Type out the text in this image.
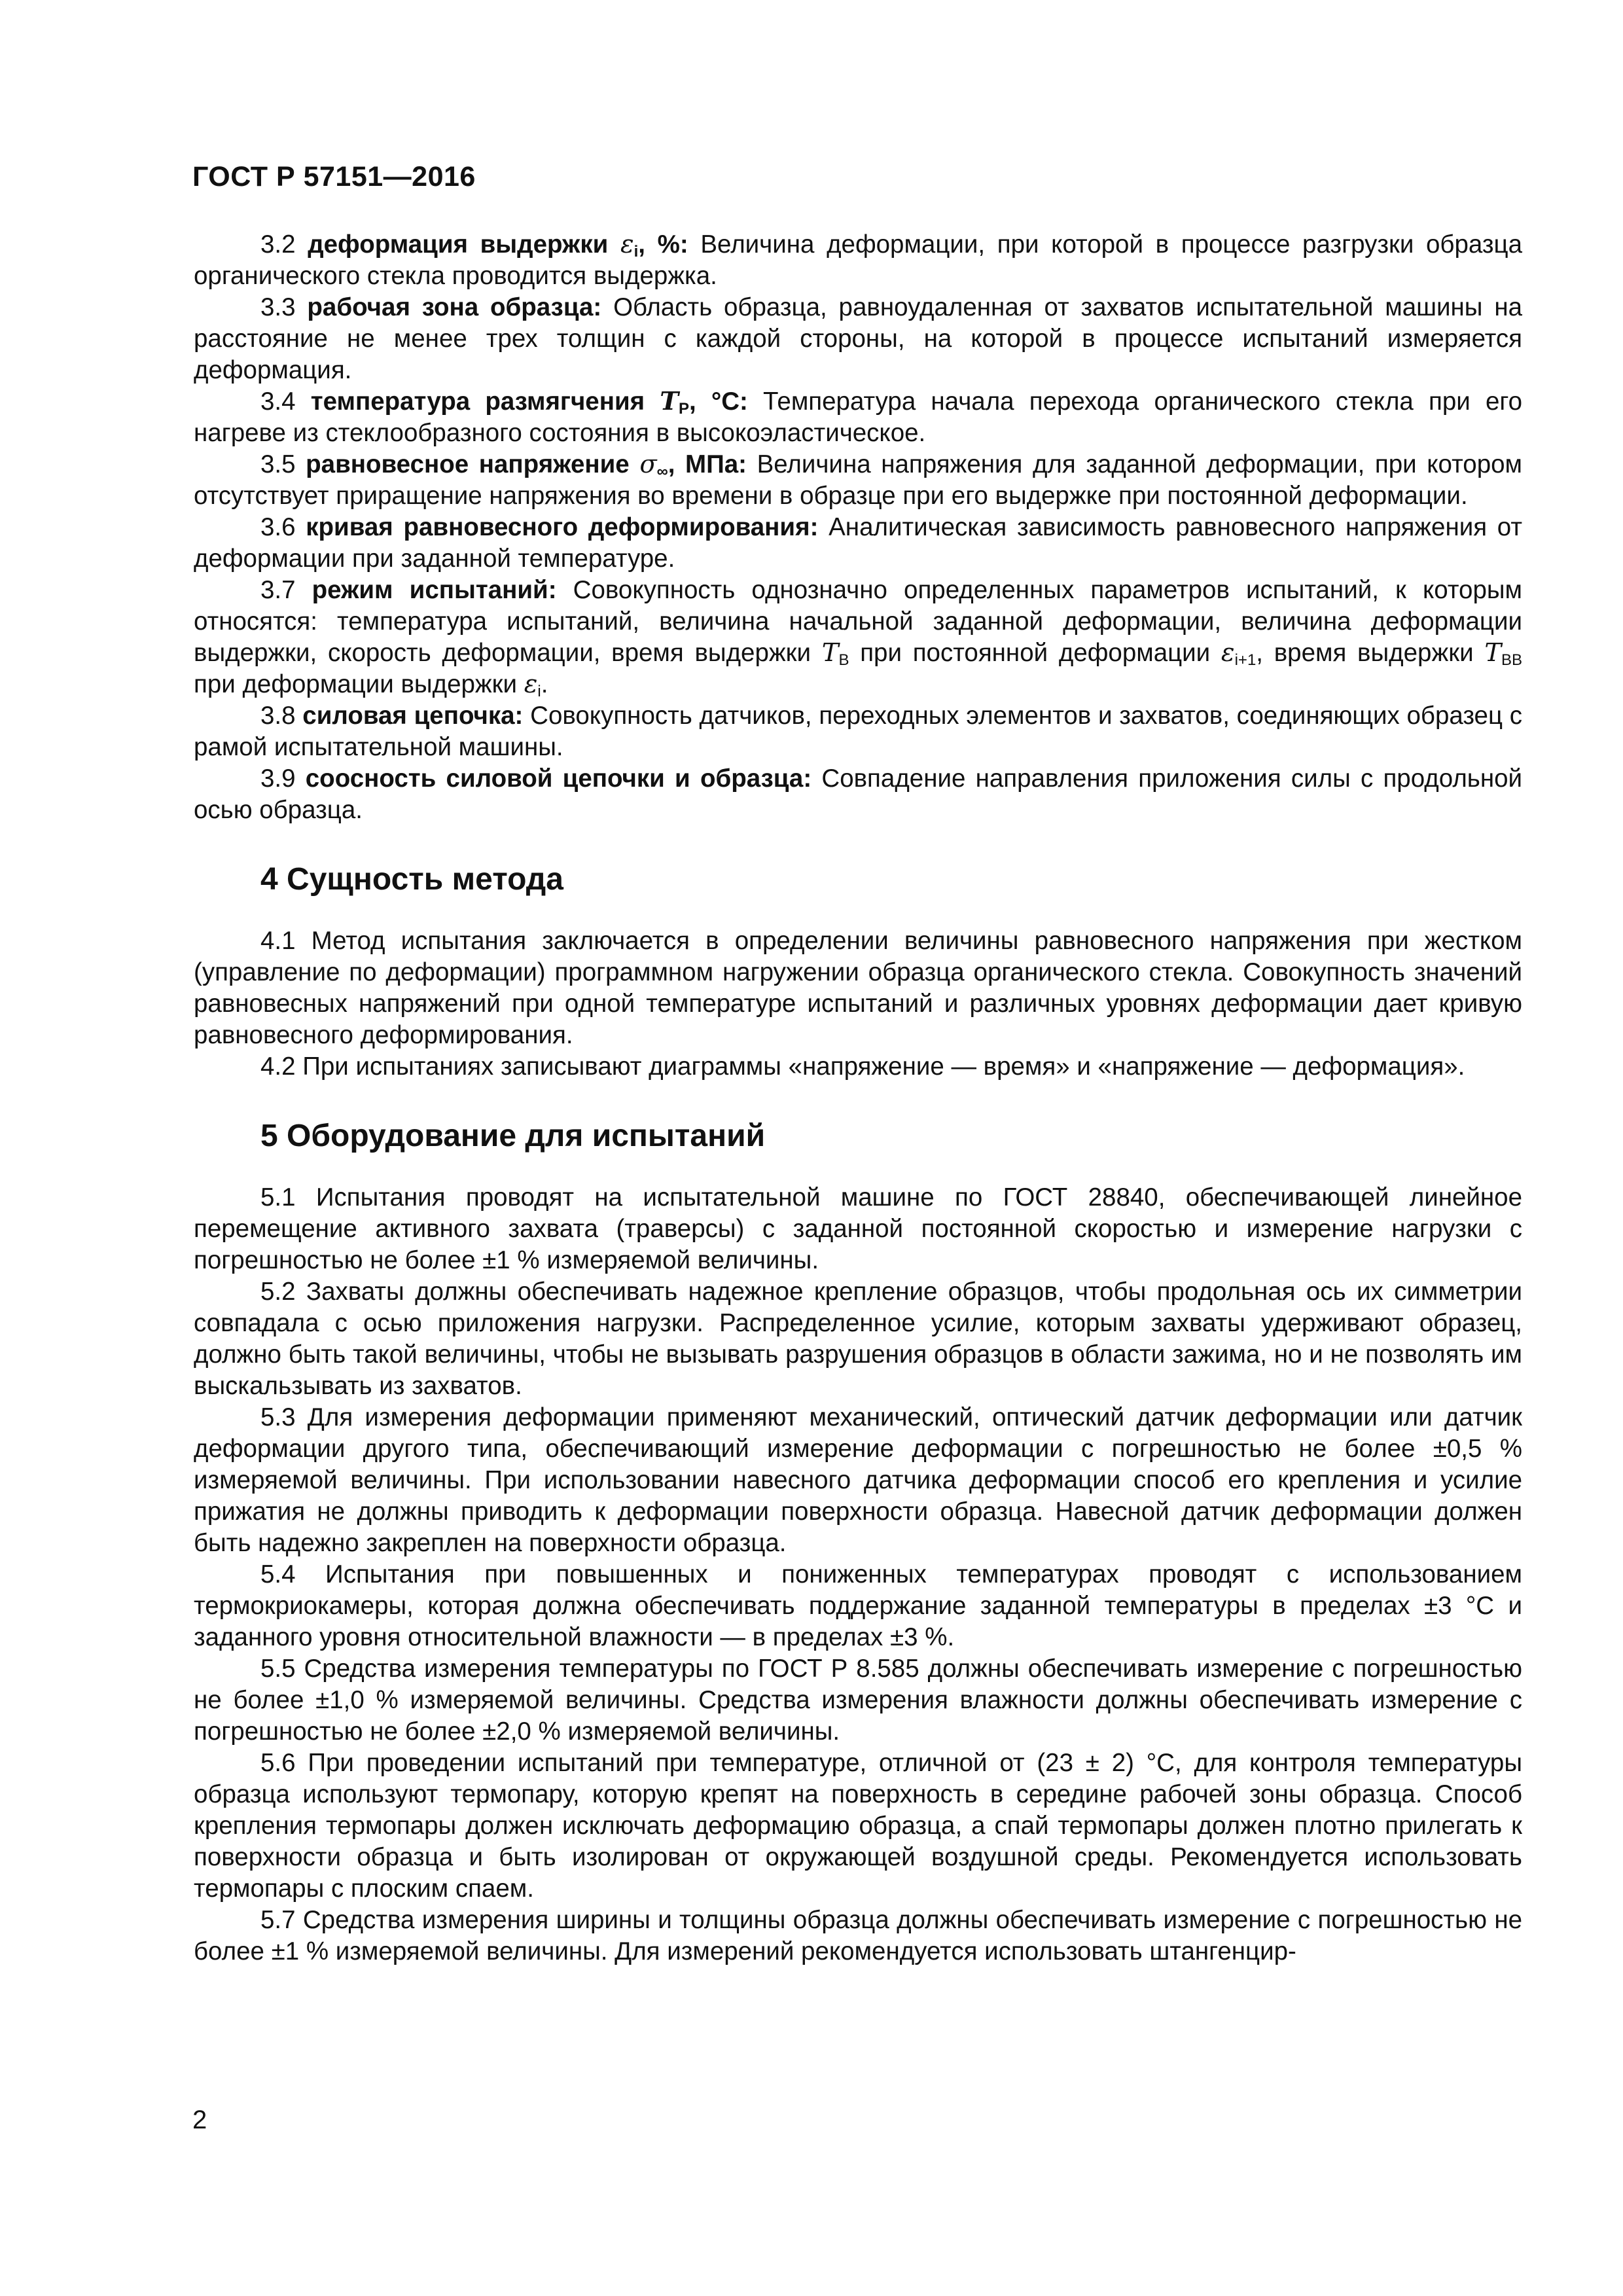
ГОСТ Р 57151—2016

3.2 деформация выдержки $\varepsilon_i$, %: Величина деформации, при которой в процессе разгрузки образца органического стекла проводится выдержка.

3.3 рабочая зона образца: Область образца, равноудаленная от захватов испытательной машины на расстояние не менее трех толщин с каждой стороны, на которой в процессе испытаний измеряется деформация.

3.4 температура размягчения $T_Р$, °С: Температура начала перехода органического стекла при его нагреве из стеклообразного состояния в высокоэластическое.

3.5 равновесное напряжение $\sigma_\infty$, МПа: Величина напряжения для заданной деформации, при котором отсутствует приращение напряжения во времени в образце при его выдержке при постоянной деформации.

3.6 кривая равновесного деформирования: Аналитическая зависимость равновесного напряжения от деформации при заданной температуре.

3.7 режим испытаний: Совокупность однозначно определенных параметров испытаний, к которым относятся: температура испытаний, величина начальной заданной деформации, величина деформации выдержки, скорость деформации, время выдержки $T_В$ при постоянной деформации $\varepsilon_{i+1}$, время выдержки $T_{ВВ}$ при деформации выдержки $\varepsilon_i$.

3.8 силовая цепочка: Совокупность датчиков, переходных элементов и захватов, соединяющих образец с рамой испытательной машины.

3.9 соосность силовой цепочки и образца: Совпадение направления приложения силы с продольной осью образца.

4 Сущность метода

4.1 Метод испытания заключается в определении величины равновесного напряжения при жестком (управление по деформации) программном нагружении образца органического стекла. Совокупность значений равновесных напряжений при одной температуре испытаний и различных уровнях деформации дает кривую равновесного деформирования.

4.2 При испытаниях записывают диаграммы «напряжение — время» и «напряжение — деформация».

5 Оборудование для испытаний

5.1 Испытания проводят на испытательной машине по ГОСТ 28840, обеспечивающей линейное перемещение активного захвата (траверсы) с заданной постоянной скоростью и измерение нагрузки с погрешностью не более ±1 % измеряемой величины.

5.2 Захваты должны обеспечивать надежное крепление образцов, чтобы продольная ось их симметрии совпадала с осью приложения нагрузки. Распределенное усилие, которым захваты удерживают образец, должно быть такой величины, чтобы не вызывать разрушения образцов в области зажима, но и не позволять им выскальзывать из захватов.

5.3 Для измерения деформации применяют механический, оптический датчик деформации или датчик деформации другого типа, обеспечивающий измерение деформации с погрешностью не более ±0,5 % измеряемой величины. При использовании навесного датчика деформации способ его крепления и усилие прижатия не должны приводить к деформации поверхности образца. Навесной датчик деформации должен быть надежно закреплен на поверхности образца.

5.4 Испытания при повышенных и пониженных температурах проводят с использованием термокриокамеры, которая должна обеспечивать поддержание заданной температуры в пределах ±3 °С и заданного уровня относительной влажности — в пределах ±3 %.

5.5 Средства измерения температуры по ГОСТ Р 8.585 должны обеспечивать измерение с погрешностью не более ±1,0 % измеряемой величины. Средства измерения влажности должны обеспечивать измерение с погрешностью не более ±2,0 % измеряемой величины.

5.6 При проведении испытаний при температуре, отличной от (23 ± 2) °С, для контроля температуры образца используют термопару, которую крепят на поверхность в середине рабочей зоны образца. Способ крепления термопары должен исключать деформацию образца, а спай термопары должен плотно прилегать к поверхности образца и быть изолирован от окружающей воздушной среды. Рекомендуется использовать термопары с плоским спаем.

5.7 Средства измерения ширины и толщины образца должны обеспечивать измерение с погрешностью не более ±1 % измеряемой величины. Для измерений рекомендуется использовать штангенцир-

2
